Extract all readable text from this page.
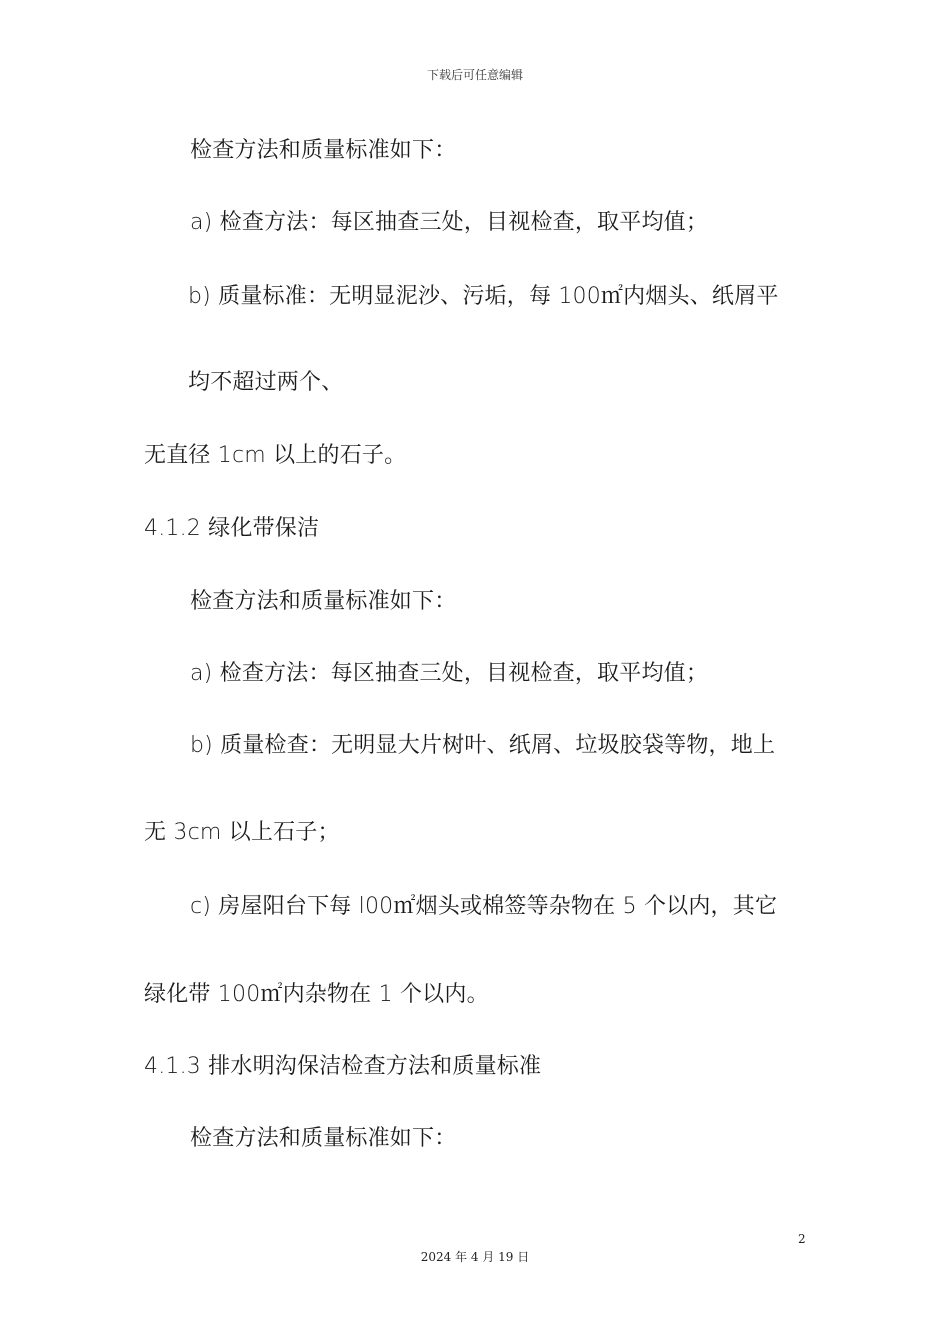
下载后可任意编辑
检查方法和质量标准如下：
a) 检查方法：每区抽查三处，目视检查，取平均值；
b) 质量标准：无明显泥沙、污垢，每 100㎡内烟头、纸屑平
均不超过两个、
无直径 1cm 以上的石子。
4.1.2 绿化带保洁
检查方法和质量标准如下：
a) 检查方法：每区抽查三处，目视检查，取平均值；
b) 质量检查：无明显大片树叶、纸屑、垃圾胶袋等物，地上
无 3cm 以上石子；
c) 房屋阳台下每 l00㎡烟头或棉签等杂物在 5 个以内，其它
绿化带 100㎡内杂物在 1 个以内。
4.1.3 排水明沟保洁检查方法和质量标准
检查方法和质量标准如下：
2
2024 年 4 月 19 日
